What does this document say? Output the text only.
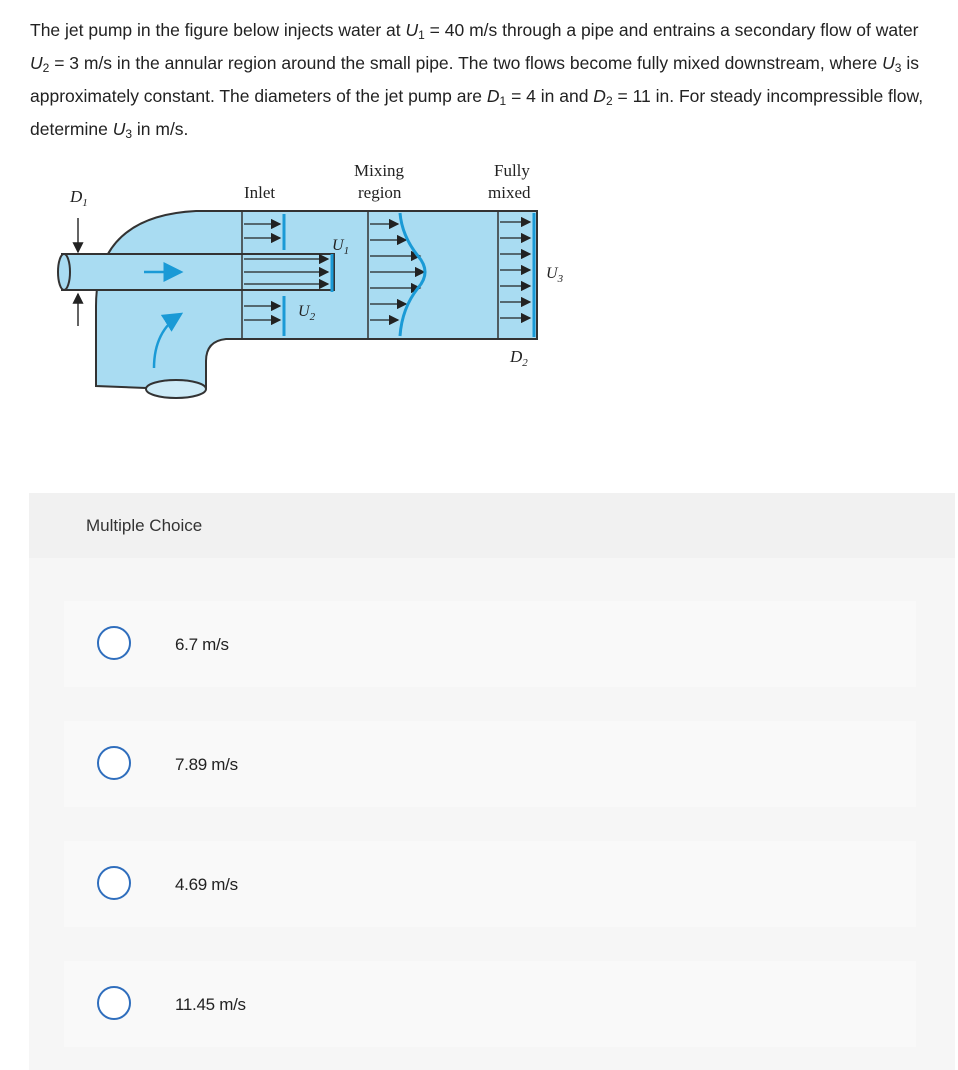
The jet pump in the figure below injects water at $U_1 = 40$ m/s through a pipe and entrains a secondary flow of water $U_2 = 3$ m/s in the annular region around the small pipe. The two flows become fully mixed downstream, where $U_3$ is approximately constant. The diameters of the jet pump are $D_1 = 4$ in and $D_2 = 11$ in. For steady incompressible flow, determine $U_3$ in m/s.
$D_1$
Inlet
Mixing
region
Fully
mixed
$U_1$
$U_2$
$U_3$
$D_2$
Multiple Choice
6.7 m/s
7.89 m/s
4.69 m/s
11.45 m/s
